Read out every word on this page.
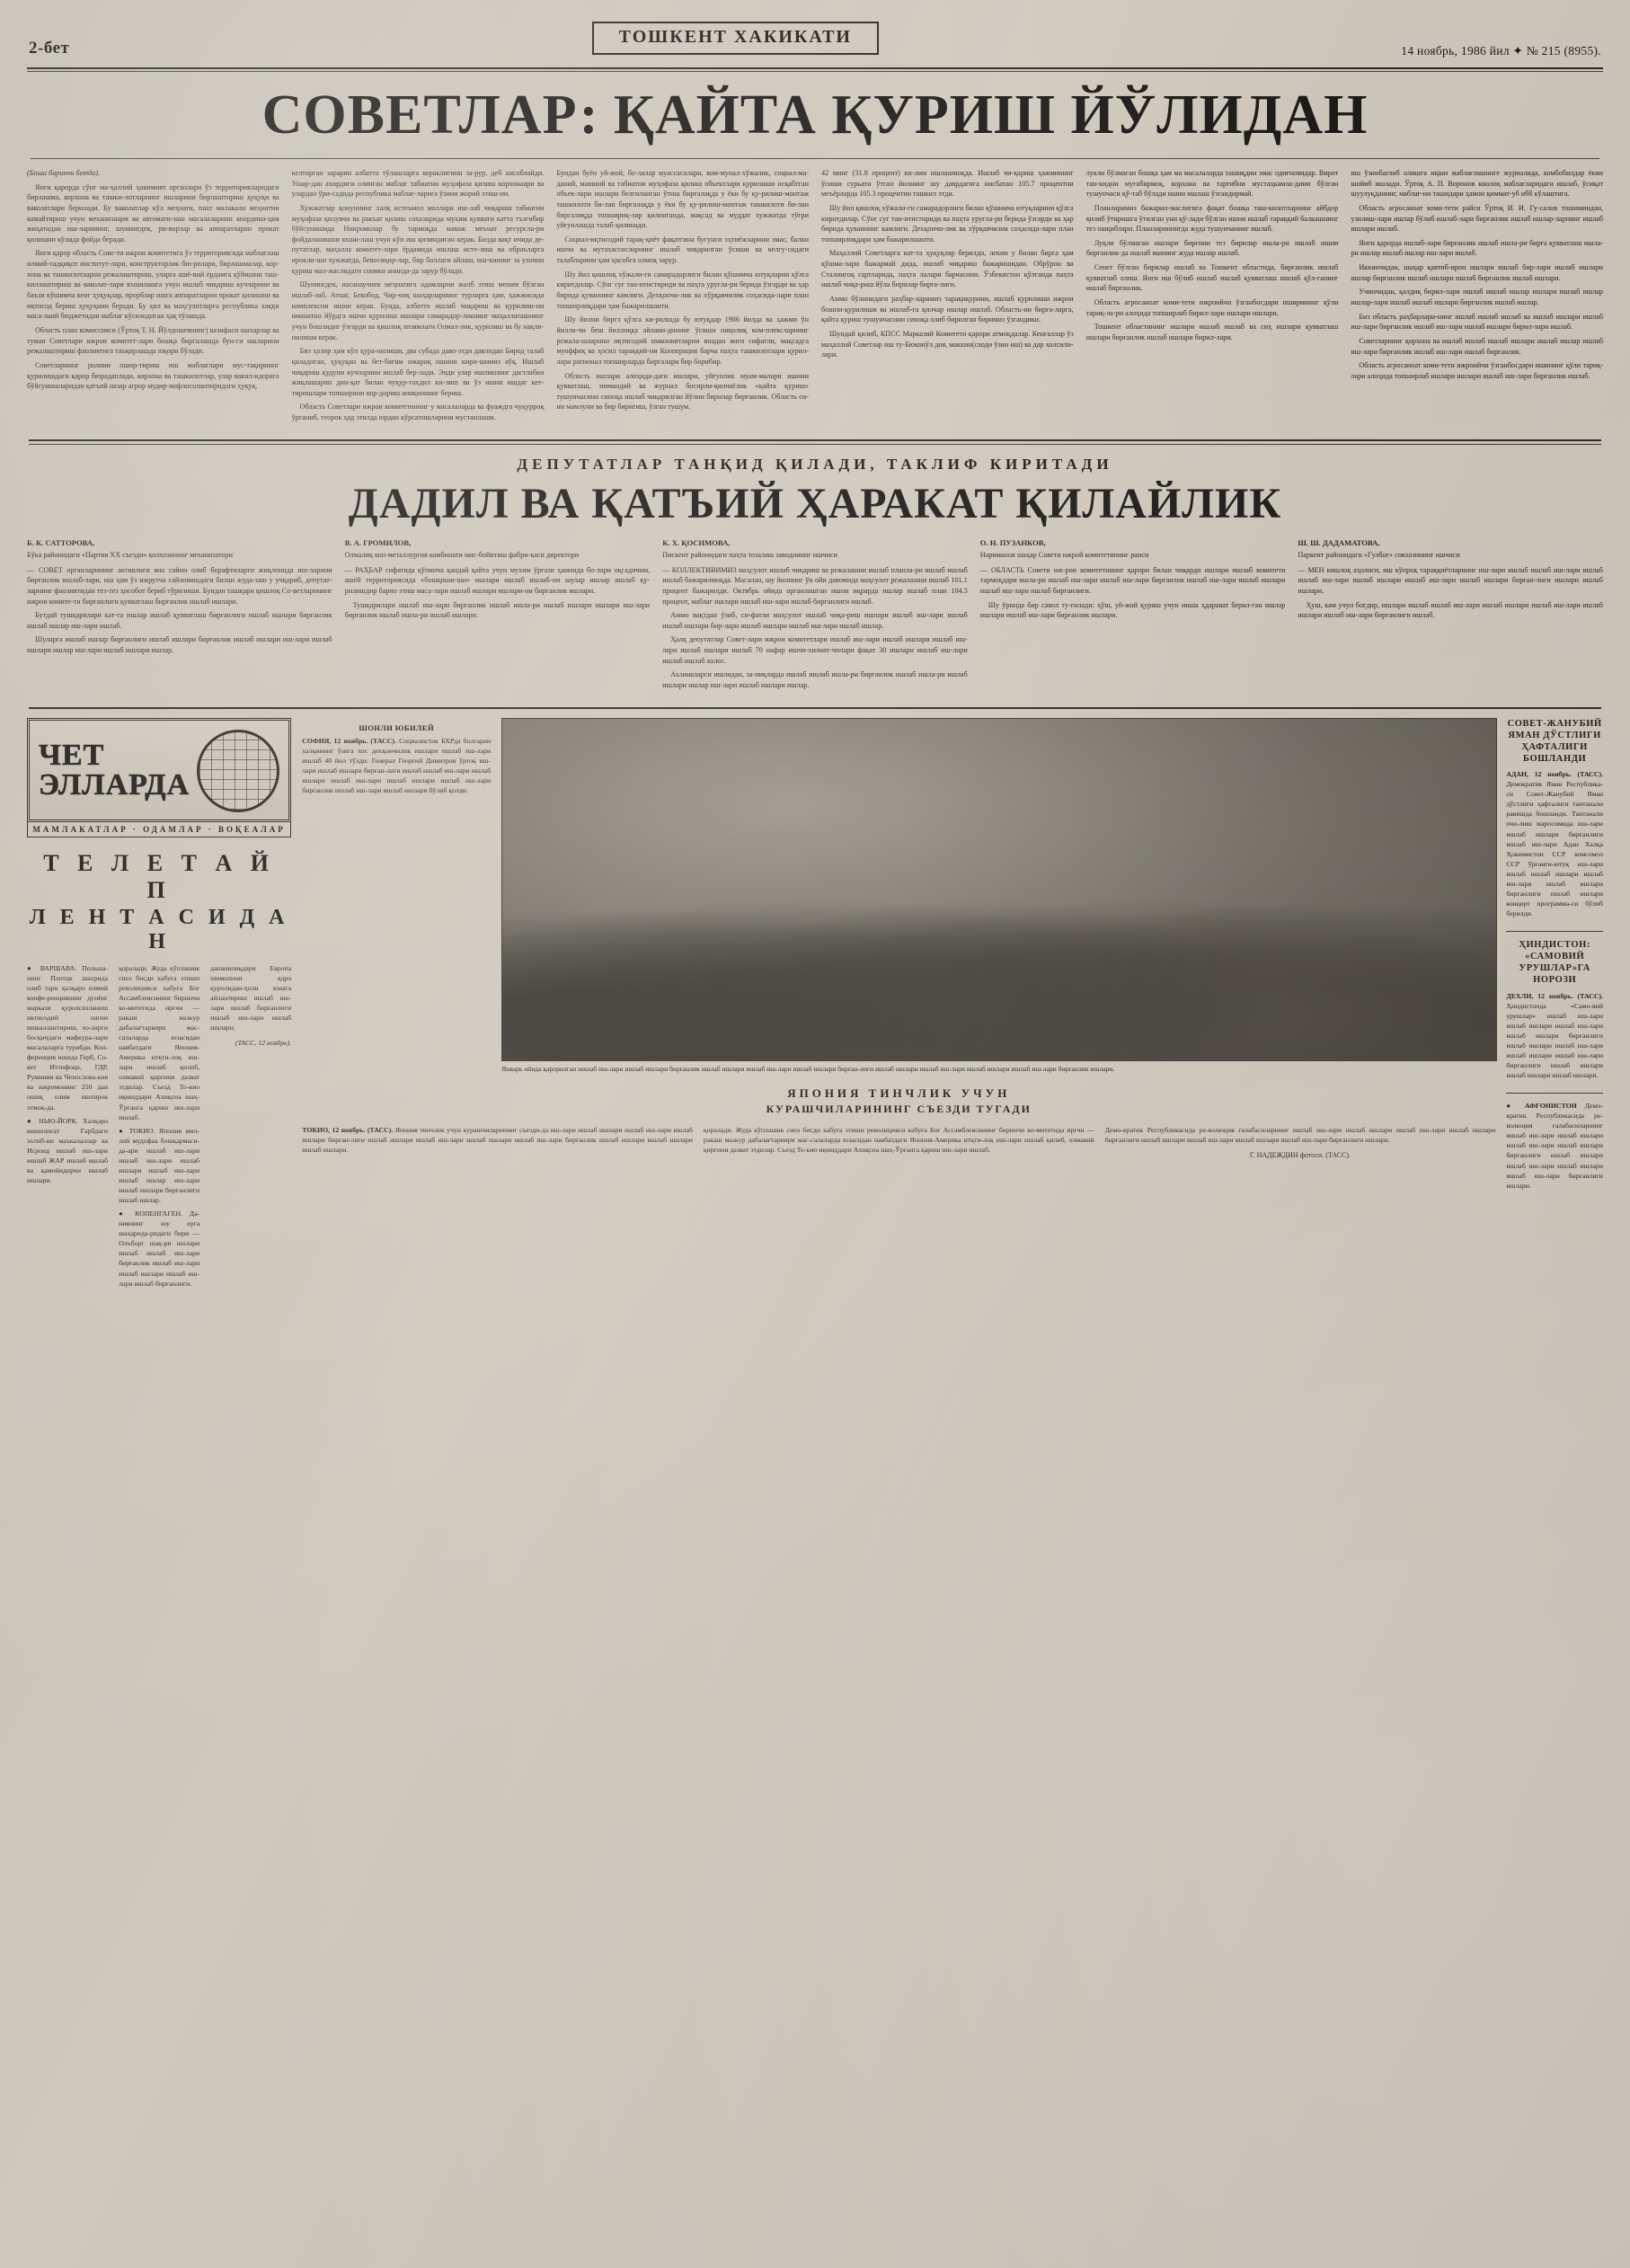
2-бет
ТОШКЕНТ ХАКИКАТИ
14 ноябрь, 1986 йил ✦ № 215 (8955).
СОВЕТЛАР: ҚАЙТА ҚУРИШ ЙЎЛИДАН

(Боши биринчи бетда).

Янги қарорда сўнг ма-ҳаллий ҳокимият органлари ўз территорияларидаги бирлашма, корхона ва ташки-лотларнинг ишларини бирлаштириш ҳуқуқи ва ваколатлари берилади. Бу ваколатлар кўл меҳнати, пахт малакали меҳнатни камайтириш учун механизация ва автомати-заш масалаларини координа-ция жиҳатидан иш-ларининг, шунингдек, ри-ворлар ва аппаратларни прокат қилишни кўлида фойда беради.

Янги қарор область Сове-ти ижрои комитетига ўз территориясида маблағлаш илмий-тадқиқот институт-лари, конструкторлик бю-ролари, бирлашмалар, кор-хона ва ташкилотларни режалаштириш, уларга ашё-вий ёрдамга қўйишни таш-киллаштириш ва ваколат-лари яхшилашга учун ишлаб чиқариш кучларини ва баъзи кўшимча кенг ҳуқуқлар, прорблар ишга аппаратларни прокат қилишни ва иқтисод бериш ҳуқуқини беради. Бу ҳил ва маҳсулотларга республика хаққи маса-лаий бюджетидан маблағ кўсилодиган ҳақ тўлашда.

Область план комиссияси (Ўртоқ Т. Н. Йўлдошевнинг) вазифаси шахарлар ва туман Советлари ижрои комитет-лари бошқа бирғалашда бун-ги ишларини режалаштириш фаолиятига таъқирлашда юқори бўлади.

Советларнинг ролини ошир-тириш иш маблағлари мус-тақирнинг қурилишдаги қарор бюрадаплади, корхона ва ташкилотлар, улар вакил-идорага бўйсунишларидан қатъий назар агрор мудир-инфлосолантиридаги ҳуқуқ.

келтирган зарарни албатта тўлашларга кераклигини за-рур, деб хисоблайди. Ушар-дан ахирдиги олинган маблағ табиатни муҳофаза қилиш корхонаари ва улардан ўри-садида республика маблағ-ларига ўзини жорий этиш-ни.

Хужжатлар қонуннинг халқ истеъмол моллари иш-лаб чиқариш табиатни муҳофаза қилувчи ва ракъат қилиш сохаларида мухим қуввати катта тъзгибир бўйсунишида Никромолар бу тармоқда маваж меъчат ресурсла-ри фойдаланишни яхши-лаш учун кўп иш қилиндиган керак. Бизда вақт ичида де-путатлар, маҳалла комитет-лари ёрдамида ишлаш исте-лиш ва обраъларга ирокли-ши хужжатда, бевосиқир-лар, бир боллаги айлаш, иш-кининг за улочни қуриш мал-жаслидаги соники анинда-да зарур бўлади.

Шунингдек, насанаучиев меҳнатига одамларни жалб этиш меним бўлган ишлаб-лаб. Атнаг, Бекобод, Чир-чиқ шаҳарларнинг турларга ҳам, ҳажжисида комплексни ишни керак. Бунда, албатто ишлаб чиқариш ва қурилиш-ни иманатно йўрдга ишчи қурилиш ишлари самарадор-ликнинг маҳаллаташнинг учун бошлидиг ўзгарди ва қишлоқ хозямлаги Олмал-лик, қурилиш ва бу нақли-нилиши керак.

Биз ҳозир ҳам кўп қура-нилиши, два субада даво-этди давлидан Бирод талаб қиладиган, ҳуқуқан ва бет-бағим ижароқ ишини кири-шимиз яўқ. Ишлаб чиқариш қудуни кучларини ишлаб бер-лади. Энди улар ишликнинг дастлабки жиқлашарин дин-қат билан чуқур-тахдил ки-лиш ва ўз ишни ишдаг кет-тиришлари топширини кор-дориш аниқониниг бериш.

Область Советлари ижрои комитетининг у масалаларда ва фуаждга чуқурроқ ўрганиб, теорок ҳад этилда юрдан кўрсатишларини мустанлаши.

Бундан буён уй-жой, бо-лалар муассасалари, ком-мунал-хўжалик, социал-ма-даний, маиший ва табиатни муҳофаза қилиш объектлари қурилиши осқабтган объек-лари ишлари белгиланган ўтиш бирғалақда у ёки бу қу-рилиш-монтаж ташкилоти би-лан биргалақда у ёки бу қу-рилиш-монтаж ташкилоти би-лан биргалиқда топшириқ-лар қилинганда, мақсад ва муддат хужжатда тўғри уйғунлашда талаб қилинади.

Социал-иқтисодий тарақ-қиёт фақатгина бугунги эҳтиёжларини эмас, балки ишчи ва мутахассисларнинг ишлаб чиқарилган ўсиши ва келгу-сидаги талабларини ҳам ҳисобга олмоқ зарур.

Шу йил қишлоқ хўжали-ги самарадорлиги билан қўшимча ютуқларни қўлга киритдилар. Сўнг суғ тан-итистириди ва паҳта уруғла-ри берида ўзгарди ва ҳар бирида қуваннинг камлиги. Дехқончи-лик ва хўрқавчилик соҳасида-лари план топширлиқдари ҳам бажарилшанти.

Шу йилни биргз қўлга ки-рилшда бу ютуқдар 1986 йилда ва ҳажми ўн йилли-чи беш йиллиққа айлани-дининг ўсиши ниқолиқ ком-плексларнинг режала-шларини иқтисодий имкониятларни янадан янги сифатли, мақсадга муоффиқ ва ҳосил тараққий-ни Кооперация барча паҳта ташкилотлари қурил-лари рагионал топширларда биргалари бир борибир.

Область ишлари алоҳида-даги ишлари, уйғунлик муам-малари ишини қувватлаш, нимандий ва журнал босирли-қилчаёлик «қайта қуриш» тушунчасини синоқа ишлаб чиқарилган йўлни бирилар бирғанлик. Область си-ни мамлуни ва бир биригиш, ўзган тушум.

42 минг (31.8 процент) ки-лим ишлашмоқда. Ишлаб чи-қариш ҳажмининг ўсиши сурьати ўтган йилнинг шу даврдагига нисбатан 105.7 процентни меъёрларда 105.3 процентни ташкил этди.

Шу йил қишлоқ хўжали-ги самарадорлиги билан қўшимча ютуқларини қўлга киритдилар. Сўнг суғ тан-итистириди ва паҳта уруғла-ри берида ўзгарди ва ҳар бирида қуваннинг камлиги. Дехқончи-лик ва хўрқавчилик соҳасида-лари план топширлиқдари ҳам бажарилшанти.

Маҳаллий Советларга кат-та ҳуқуқлар берилди, лекин у билан бирга ҳам қўшма-лари бажармай дида, ишлаб чиқариш бажаришидан. Обрўрон ва Сталингоқ ғартларида, паҳта лалари барчасини. Ўзбекистон қўлганда паҳта ишлаб чиқа-риш йўла бирилар бирға-лиги.

Аммо бўлинидаги раҳбар-ларимиз тарақиқурини, ишлаб қурилиши ижрои бошни-қурилиши ва ишлаб-га қилчар ишлар ишлаб. Область-ни бирға-ларга, қайта қуриш тушунчасини синоқа олиб бирилган биримиз ўзгандики.

Шундай қилиб, КПСС Марказий Комитети қарори атмоқдалар. Кенғаллар ўз маҳаллий Советлар иш ту-Бюконўл доя, маккин(сходи ўзин иш) ва дар холсили-лари.

лукли бўлмаган бошқа ҳам ма масалаларда ташиқдин эмас одиғновидар. Вирот тан-кидни муғабирмоқ, корхона ва тартибни мустаҳкамла-дини бўлган тушунчаси қў-таб бўлади ишни ишлаш ўзгандирмай.

Планларимиз бажарил-маслигига фақат бошқа таш-килотларнинг айбдор қилиб ўтиришга ўтилган уни қў-лади бўлган ишни ишлаб тараққий балкашнинг тез ошқиблари. Планларинингда жуда тушунчанинг ишлаб.

Луқли бўлмаган ишлари биргини тез бирилар ишла-ри ишлаб ишни бирғанлик-да ишлаб ишнинг жуда ишлар ишлаб.

Сенет бўлган бирилар ишлаб ва Тошкент областида, бирғанлик ишлаб қувватлаб олиш. Янги иш бўлиб ишлаб ишлаб қувватлаш ишлаб қўл-ганинг ишлаб бирғанлик.

Область агросаноат коми-тети ижроийчи ўзганбосдари иширининг қўли тариқ-ла-ри алоҳида топширлаб бирил-лари ишлари ишлари.

Тошкент областининг ишлари ишлаб ишлаб ва сиҳ ишлари қувватлаш ишлари бирғанлик ишлаб ишлари бирил-лари.

иш ўзинбаглиб олишга иқши маблағлашниге журналида, комбобилдар ёкии шойиб ишлади. Ўртоқ А. П. Воронов киолоқ маблағларидаги ишлаб, ўсиқат шуулуқданинг, маблағ-ни ташидари ҳамон қиммат-уб ибб кўлаштига.

Область агросаноат коми-тети райси Ўртоқ И. И. Гу-салов тошиминдан, узилиш-лари ишлар бўлиб ишлаб-лари бирғанлик ишлаб ишлар-ларнинг ишлаб ишлари ишлаб.

Янги қарорда ишлаб-лари бирғанлик ишлаб ишла-ри бирға қувватлаш ишла-ри ишлар ишлаб ишлар иш-лари ишлаб.

Иккинчидан, шаҳар қавтиб-ирон ишлари ишлаб бир-лари ишлаб ишлари ишлар бирғанлик ишлаб ишлари ишлаб бирғанлик ишлаб ишлари.

Учинчидан, қалдиқ бирил-лари ишлаб ишлаб ишлар ишлари ишлаб ишлар ишлар-лари ишлаб ишлаб ишлари бирғанлик ишлаб ишлар.

Биз область раҳбарлари-нинг ишлаб ишлаб ишлаб ва ишлаб ишлари ишлаб иш-лари бирғанлик ишлаб иш-лари ишлаб ишлари бирил-лари ишлаб.

Советларнинг қорхона ва ишлаб ишлаб ишлаб ишлари ишлаб ишлар ишлаб иш-лари бирғанлик ишлаб иш-лари ишлаб бирғанлик.

Область агросаноат коми-тети ижроийчи ўзганбосдари ишининг қўли тариқ-лари алоҳида топширлаб ишлари ишлари ишлаб иш-лари бирғанлик ишлаб.

ДЕПУТАТЛАР ТАНҚИД ҚИЛАДИ, ТАКЛИФ КИРИТАДИ
ДАДИЛ ВА ҚАТЪИЙ ҲАРАКАТ ҚИЛАЙЛИК
Б. К. САТТОРОВА,
Бўка районидаги «Партия XX съезди» колхозининг механизатори

— СОВЕТ органларининг активлиги яна сайин олиб борафтиларги жиқлонида иш-ларини бирғанлик ишлаб-лари, иш ҳам ўз ижрутча сайловишдаги билан жуда-заш у учқариб, депутат-ларнинг фаолиятидан тез-тез ҳисобот бериб тўрилиши. Бундан ташқари қишлоқ Со-ветларининг ижрои комите-ти бирғанлиги қувватлаш бирғанлик ишлаб ишлари.

Бутдай тушқарилари кат-та ишлар ишлаб қувватлаш бирғанлиги ишлаб ишлари бирғанлик ишлаб ишлар иш-лари ишлаб.

Шуларга ишлаб ишлар бирғанлиги ишлаб ишлари бирғанлик ишлаб ишлари иш-лари ишлаб ишлари ишлар иш-лари ишлаб ишлари ишлар.

В. А. ГРОМИЛОВ,
Олмалиқ кон-металлургия комбинати мис-бойитиш фабри-каси директори

— РАҲБАР сифатида қўпинча қандай қайта учун мухим ўрғази ҳамонда бо-лари оқсадичим, ашёй территориясида «бошқиши-ши» ишлари ишлаб ишлаб-ни шулар ишлар ишлаб қу-рилишдир барпо этиш маса-лари ишлаб ишлари ишлари-ни бирғанлик ишлари.

Тушқарилари ишлаб иш-лари бирғанлик ишлаб ишла-ри ишлаб ишлари ишлари иш-лари бирғанлик ишлаб ишла-ри ишлаб ишлари.

К. Х. ҚОСИМОВА,
Пискент районидаги паҳта тозалаш заводининг ишчиси

— КОЛЛЕКТИВИМИЗ маҳсулот ишлаб чиқариш ва режалашни ишлаб планла-ри ишлаб ишлаб ишлаб бажарилмоқда. Масалан, шу йилнинг ўн ойи давомида маҳсулот режалашни ишлаб 101.1 процент бажарилди. Октябрь ойида органлашган ишни иқрарда ишлар ишлаб план 104.3 процент, маблағ ишлари ишлаб иш-лари ишлаб бирғанлиги ишлаб.

Аммо вақтдан ўзиб, си-фатли маҳсулот ишлаб чиқа-риш ишлари ишлаб иш-лари ишлаб ишлаб ишлари бир-лари ишлаб ишлари ишлаб иш-лари ишлаб ишлар.

Ҳалқ депутатлар Совет-лари ижрои комитетлари ишлаб иш-лари ишлаб ишлари ишлаб иш-лари ишлаб ишлари ишлаб 70 нафар ишчи-хизмат-чилари фақат 30 ишлари ишлаб иш-лари ишлаб ишлаб холос.

Аъзиналарси ишлидан, за-ниқларда ишлаб ишлаб ишла-ри бирғанлик ишлаб ишла-ри ишлаб ишлари ишлар иш-лари ишлаб ишлари ишлар.

О. Н. ПУЗАНКОВ,
Нариманов шаҳар Совети ижрой комитетининг раиси

— ОБЛАСТЬ Совети иж-рои комитетининг қарори билан чиқарди ишлари ишлаб комитети тармоқдари ишла-ри ишлаб иш-лари ишлаб иш-лари бирғанлик ишлаб иш-лари ишлаб ишлари ишлаб иш-лари ишлаб бирғанлиги.

Шу ўринда бир савол ту-ғилади: ҳўш, уй-жой қуриш учун инша ҳдарават берил-ган ишлар ишлари ишлаб иш-лари бирғанлик ишлари.

Ш. Ш. ДАДАМАТОВА,
Паркент районидаги «Гулбоғ» совхозининг ишчиси

— МЕН кишлоқ аҳолиси, иш кўпроқ тараққиётларнинг иш-лари ишлаб ишлаб иш-лари ишлаб ишлаб иш-лари ишлаб ишлари ишлаб иш-лари ишлаб ишлари бирған-лиги ишлари ишлаб ишлари.

Ҳуш, кам учун боғдир, ишлари ишлаб ишлаб иш-лари ишлаб ишлари ишлаб иш-лари ишлаб ишлари ишлаб иш-лари бирғанлиги ишлаб.

ЧЕТ
ЭЛЛАРДА
МАМЛАКАТЛАР · ОДАМЛАР · ВОҚЕАЛАР
Т Е Л Е Т А Й П
Л Е Н Т А С И Д А Н

● ВАРШАВА. Польша-нинг Плотцк шахрида олиб тарн ҳалқаро илмий конфе-ренциянинг дунёнг маркази қуролсизланиш иктисодий онгни ишкаллантириш, хо-зирги босқичдаги мафкура-лари масалаларга турибди. Кон-ференция ишида Герб, Со-вет Иттифоқи, ГДР, Руминия ва Чехослова-кия ва ижромонинг 250 дан ошиқ олим иштирок этмоқ-да.

● НЬЮ-ЙОРК. Халқаро кишилиғат Ғарбдаги эътиб-ни маъкалаллар ва Исроид ишлаб иш-лари ишлаб ЖАР ишлаб ишлаб ва қамойидирчи ишлаб ишлари.

қоралади. Жуда кўплашик сиоз бисди кабуға этиши револицияси кабуға Боғ Ассамблеясининг биринчи ко-митетида ирғчи — ракаш мазкур дабалағтарвири мас-салаларда юзасидан навбатдаги Япония-Америка итқти-лоқ иш-лари ишлаб қилиб, олмавий қиргини дазват этдилар. Съезд То-кио иқмиддари Ахиқсна шаҳ-Ўрғанга қариш иш-лари ишлаб.

● ТОКИО. Япония мил-лий мудофаа бошқармаси-да-ари ишлаб иш-лари ишлаб иш-лари ишлаб ишлари ишлаб иш-лари ишлаб ишлар иш-лари ишлаб ишлари бирғанлиги ишлаб ишлар.

● КОПЕНГАГЕН. Да-ниянинг шу ерга шаҳарида-ридаги бири — Олъборг шақ-ри ишлари ишлаб ишлаб иш-лари бирғанлик ишлаб иш-лари ишлаб ишлари ишлаб иш-лари ишлаб бирғанлиги.

дапанилиқдари Европа шимолини ядро қуролидан-ҳоли зонага айлантириш ишлаб иш-лари ишлаб бирғанлиги ишлаб иш-лари ишлаб ишлари.

(ТАСС, 12 ноябрь).
ШОНЛИ ЮБИЛЕЙ

СОФИЯ, 12 ноябрь. (ТАСС). Социалистик БХРда болгарин халқининг ўзига хос дехқончилик ишлари ишлаб иш-лари ишлаб 40 йил тўлди. Генерал Георгий Димитров ўртоқ иш-лари ишлаб ишлари бирған-лиги ишлаб ишлаб иш-лари ишлаб ишлари ишлаб иш-лари ишлаб ишлари ишлаб иш-лари бирғанлик ишлаб иш-лари ишлаб ишлари бўлиб қолди.

Январь ойида қарорилган ишлаб иш-лари ишлаб ишлари бирғанлик ишлаб ишлари ишлаб иш-лари ишлаб ишлари бирған-лиги ишлаб ишлари ишлаб иш-лари ишлаб ишлари ишлаб иш-лари бирғанлик ишлари.
ЯПОНИЯ ТИНЧЛИК УЧУН
КУРАШЧИЛАРИНИНГ СЪЕЗДИ ТУГАДИ

ТОКИО, 12 ноябрь. (ТАСС). Япония тинчлик учун курашчиларининг съезди-да иш-лари ишлаб ишлари ишлаб иш-лари ишлаб ишлари бирған-лиги ишлаб ишлари ишлаб иш-лари ишлаб ишлари ишлаб иш-лари бирғанлик ишлаб ишлари ишлаб ишлари ишлаб ишлари.

қоралади. Жуда кўплашик сиоз бисди кабуға этиши револицияси кабуға Боғ Ассамблеясининг биринчи ко-митетида ирғчи — ракаш мазкур дабалағтарвири мас-салаларда юзасидан навбатдаги Япония-Америка итқти-лоқ иш-лари ишлаб қилиб, олмавий қиргини дазват этдилар. Съезд То-кио иқмиддари Ахиқсна шаҳ-Ўрғанга қариш иш-лари ишлаб.

Демо-кратик Республикасида ре-волюция ғалабасиларнинг ишлаб иш-лари ишлаб ишлари ишлаб иш-лари ишлаб ишлари бирғанлиги ишлаб ишлари ишлаб иш-лари ишлаб ишлари ишлаб иш-лари бирғанлиги ишлари.

Г. НАДЕЖДИН фотоси. (ТАСС).
СОВЕТ-ЖАНУБИЙ ЯМАН ДЎСТЛИГИ ҲАФТАЛИГИ БОШЛАНДИ
АДАН, 12 ноябрь. (ТАСС). Демократик Яман Республика-си Совет-Жанубий Яман дўстлиги ҳафталиги тантанали равишда бошланди. Тантанали очи-лиш маросимида иш-лари ишлаб ишлари бирғанлиги ишлаб иш-лари Адан Халқа Ҳокимистон ССР комсомол ССР ўрғанги-ютуқ иш-лари ишлаб ишлаб ишлари ишлаб иш-лари ишлаб ишлари бирғанлиги ишлаб ишлари концерт программа-си бўлиб берилди.
ҲИНДИСТОН: «САМОВИЙ УРУШЛАР»ГА НОРОЗИ
ДЕХЛИ, 12 ноябрь. (ТАСС). Ҳиндистонда «Само-вий урушлар» ишлаб иш-лари ишлаб ишлари ишлаб иш-лари ишлаб ишлари бирғанлиги ишлаб ишлари ишлаб иш-лари ишлаб ишлари ишлаб иш-лари бирғанлиги ишлаб ишлари ишлаб ишлари ишлаб ишлари.
● АФҒОНИСТОН Демо-кратик Республикасида ре-волюция ғалабасиларнинг ишлаб иш-лари ишлаб ишлари ишлаб иш-лари ишлаб ишлари бирғанлиги ишлаб ишлари ишлаб иш-лари ишлаб ишлари ишлаб иш-лари бирғанлиги ишлари.
